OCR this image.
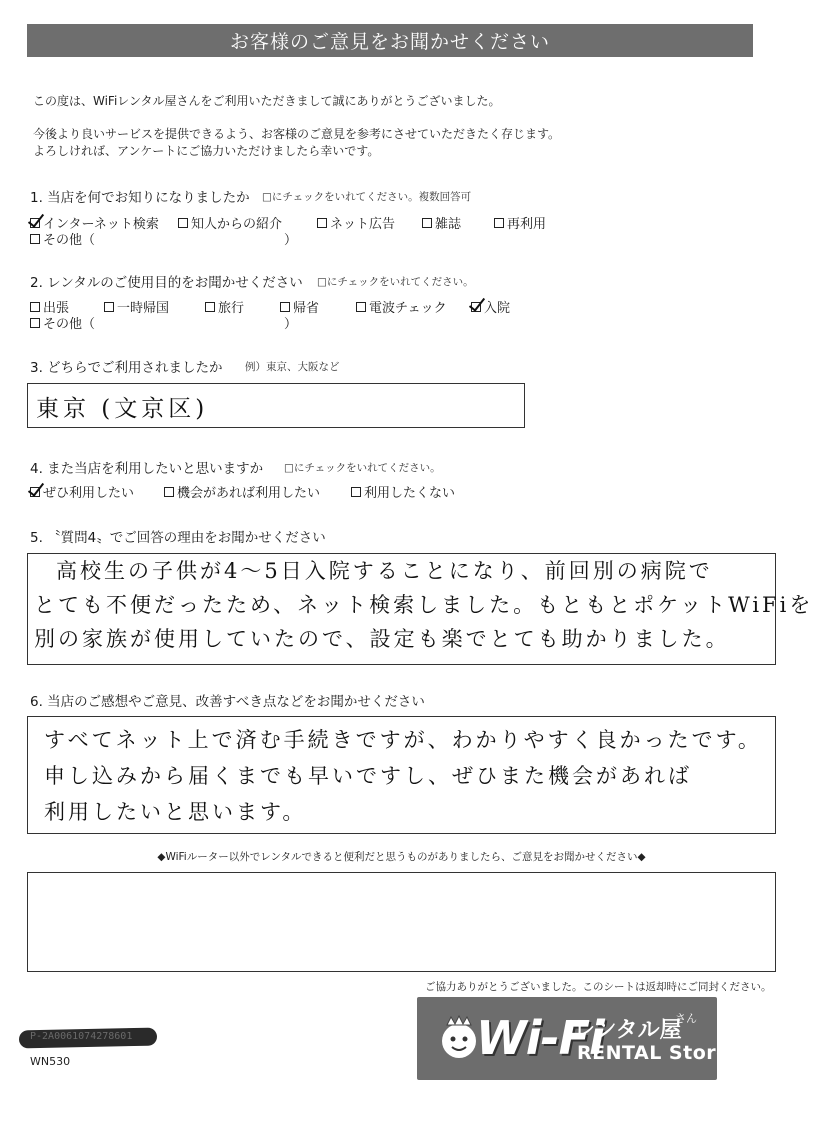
お客様のご意見をお聞かせください
この度は、WiFiレンタル屋さんをご利用いただきまして誠にありがとうございました。
今後より良いサービスを提供できるよう、お客様のご意見を参考にさせていただきたく存じます。
よろしければ、アンケートにご協力いただけましたら幸いです。
1. 当店を何でお知りになりましたか □にチェックをいれてください。複数回答可
インターネット検索 知人からの紹介	ネット広告	雑誌	再利用
その他（	）
2. レンタルのご使用目的をお聞かせください □にチェックをいれてください。
出張	一時帰国	旅行	帰省	電波チェック	入院
その他（	）
3. どちらでご利用されましたか 例）東京、大阪など
東京 (文京区)
4. また当店を利用したいと思いますか □にチェックをいれてください。
ぜひ利用したい	機会があれば利用したい	利用したくない
5. 〝質問4〟でご回答の理由をお聞かせください
高校生の子供が4～5日入院することになり、前回別の病院で
とても不便だったため、ネット検索しました。もともとポケットWiFiを
別の家族が使用していたので、設定も楽でとても助かりました。
6. 当店のご感想やご意見、改善すべき点などをお聞かせください
すべてネット上で済む手続きですが、わかりやすく良かったです。
申し込みから届くまでも早いですし、ぜひまた機会があれば
利用したいと思います。
◆WiFiルーター以外でレンタルできると便利だと思うものがありましたら、ご意見をお聞かせください◆
ご協力ありがとうございました。このシートは返却時にご同封ください。
P-2A0061074278601
WN530	Wi-Fi
レンタル屋
さん
RENTAL Store
